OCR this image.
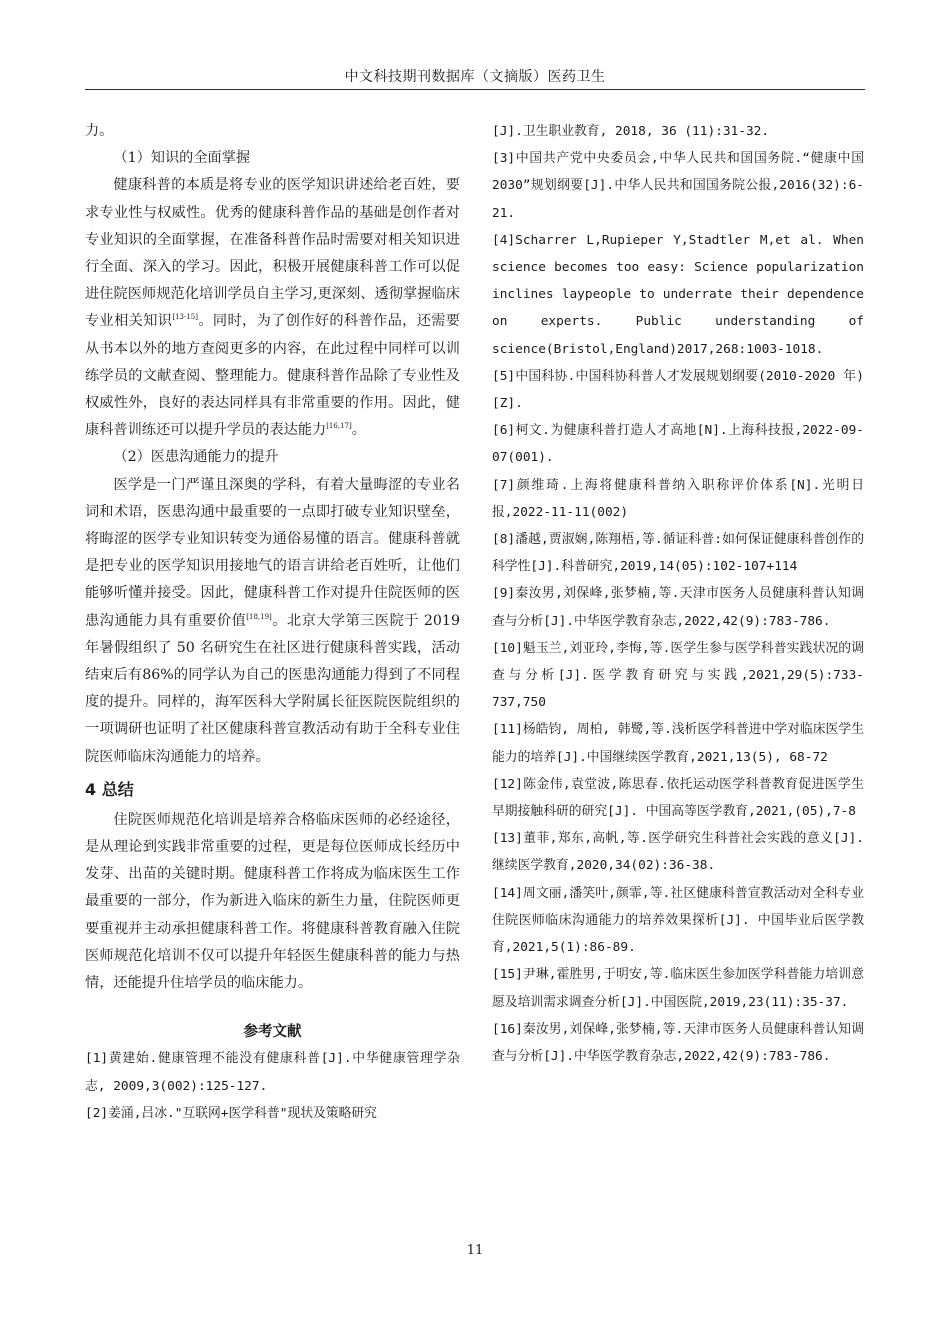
中文科技期刊数据库（文摘版）医药卫生

力。

（1）知识的全面掌握

健康科普的本质是将专业的医学知识讲述给老百姓，要求专业性与权威性。优秀的健康科普作品的基础是创作者对专业知识的全面掌握，在准备科普作品时需要对相关知识进行全面、深入的学习。因此，积极开展健康科普工作可以促进住院医师规范化培训学员自主学习,更深刻、透彻掌握临床专业相关知识[13-15]。同时，为了创作好的科普作品，还需要从书本以外的地方查阅更多的内容，在此过程中同样可以训练学员的文献查阅、整理能力。健康科普作品除了专业性及权威性外，良好的表达同样具有非常重要的作用。因此，健康科普训练还可以提升学员的表达能力[16,17]。

（2）医患沟通能力的提升

医学是一门严谨且深奥的学科，有着大量晦涩的专业名词和术语，医患沟通中最重要的一点即打破专业知识壁垒，将晦涩的医学专业知识转变为通俗易懂的语言。健康科普就是把专业的医学知识用接地气的语言讲给老百姓听，让他们能够听懂并接受。因此，健康科普工作对提升住院医师的医患沟通能力具有重要价值[18,19]。北京大学第三医院于 2019 年暑假组织了 50 名研究生在社区进行健康科普实践，活动结束后有86%的同学认为自己的医患沟通能力得到了不同程度的提升。同样的，海军医科大学附属长征医院医院组织的一项调研也证明了社区健康科普宣教活动有助于全科专业住院医师临床沟通能力的培养。

4 总结

住院医师规范化培训是培养合格临床医师的必经途径，是从理论到实践非常重要的过程，更是每位医师成长经历中发芽、出苗的关键时期。健康科普工作将成为临床医生工作最重要的一部分，作为新进入临床的新生力量，住院医师更要重视并主动承担健康科普工作。将健康科普教育融入住院医师规范化培训不仅可以提升年轻医生健康科普的能力与热情，还能提升住培学员的临床能力。

参考文献

[1]黄建始.健康管理不能没有健康科普[J].中华健康管理学杂志, 2009,3(002):125-127.

[2]姜涌,吕冰."互联网+医学科普"现状及策略研究

[J].卫生职业教育, 2018, 36 (11):31-32.

[3]中国共产党中央委员会,中华人民共和国国务院.“健康中国 2030”规划纲要[J].中华人民共和国国务院公报,2016(32):6-21.

[4]Scharrer L,Rupieper Y,Stadtler M,et al. When science becomes too easy: Science popularization inclines laypeople to underrate their dependence on experts. Public understanding of science(Bristol,England)2017,268:1003-1018.

[5]中国科协.中国科协科普人才发展规划纲要(2010-2020 年)[Z].

[6]柯文.为健康科普打造人才高地[N].上海科技报,2022-09-07(001).

[7]颜维琦.上海将健康科普纳入职称评价体系[N].光明日报,2022-11-11(002)

[8]潘越,贾淑娴,陈翔梧,等.循证科普:如何保证健康科普创作的科学性[J].科普研究,2019,14(05):102-107+114

[9]秦汝男,刘保峰,张梦楠,等.天津市医务人员健康科普认知调查与分析[J].中华医学教育杂志,2022,42(9):783-786.

[10]魁玉兰,刘亚玲,李悔,等.医学生参与医学科普实践状况的调查与分析[J].医学教育研究与实践,2021,29(5):733-737,750

[11]杨皓钧, 周柏, 韩鹭,等.浅析医学科普进中学对临床医学生能力的培养[J].中国继续医学教育,2021,13(5), 68-72

[12]陈金伟,袁堂波,陈思春.依托运动医学科普教育促进医学生早期接触科研的研究[J]. 中国高等医学教育,2021,(05),7-8

[13]董菲,郑东,高帆,等.医学研究生科普社会实践的意义[J].继续医学教育,2020,34(02):36-38.

[14]周文丽,潘笑叶,颜霏,等.社区健康科普宣教活动对全科专业住院医师临床沟通能力的培养效果探析[J]. 中国毕业后医学教育,2021,5(1):86-89.

[15]尹琳,霍胜男,于明安,等.临床医生参加医学科普能力培训意愿及培训需求调查分析[J].中国医院,2019,23(11):35-37.

[16]秦汝男,刘保峰,张梦楠,等.天津市医务人员健康科普认知调查与分析[J].中华医学教育杂志,2022,42(9):783-786.

11
